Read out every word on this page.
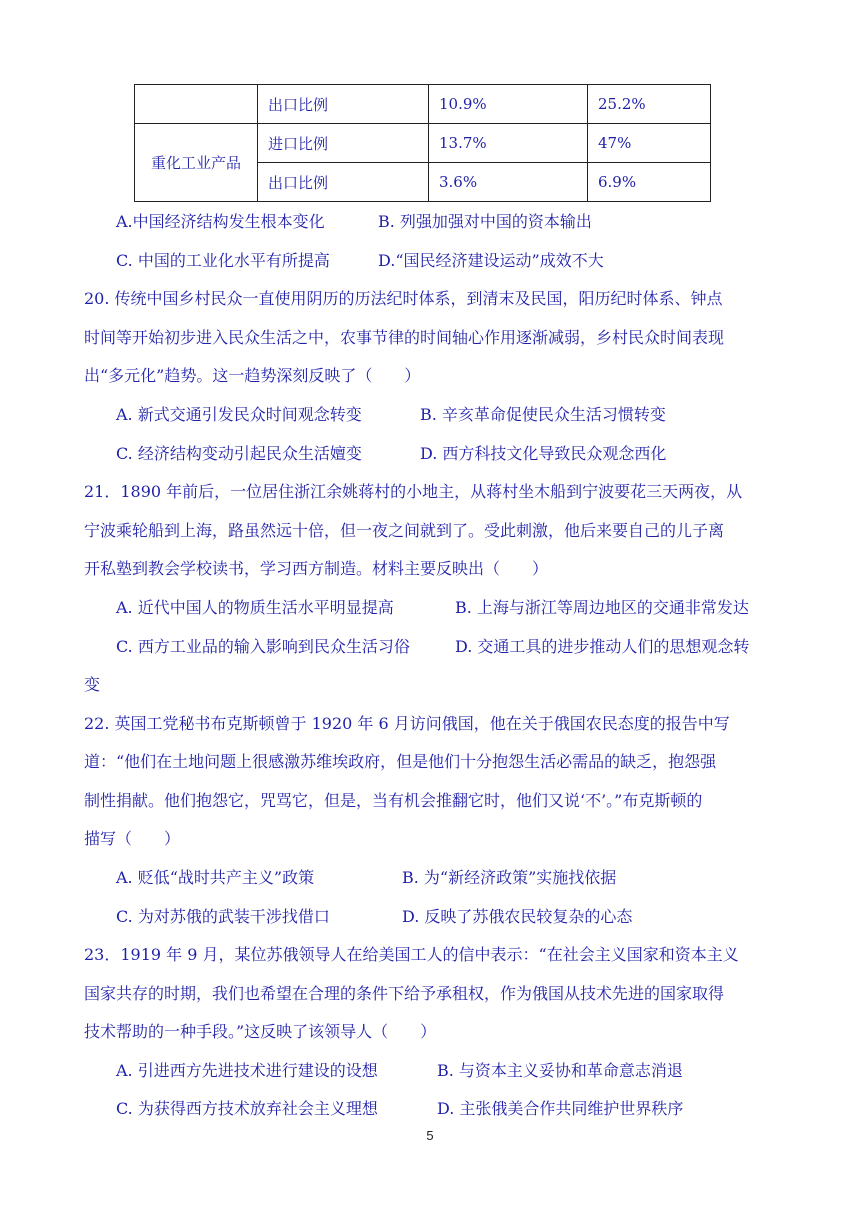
	出口比例	10.9%	25.2%
重化工业产品	进口比例	13.7%	47%
	出口比例	3.6%	6.9%
A.中国经济结构发生根本变化	B. 列强加强对中国的资本输出
C. 中国的工业化水平有所提高	D.“国民经济建设运动”成效不大
20. 传统中国乡村民众一直使用阴历的历法纪时体系，到清末及民国，阳历纪时体系、钟点
时间等开始初步进入民众生活之中，农事节律的时间轴心作用逐渐减弱，乡村民众时间表现
出“多元化”趋势。这一趋势深刻反映了（　　）
A. 新式交通引发民众时间观念转变	B. 辛亥革命促使民众生活习惯转变
C. 经济结构变动引起民众生活嬗变	D. 西方科技文化导致民众观念西化
21．1890 年前后，一位居住浙江余姚蒋村的小地主，从蒋村坐木船到宁波要花三天两夜，从
宁波乘轮船到上海，路虽然远十倍，但一夜之间就到了。受此刺激，他后来要自己的儿子离
开私塾到教会学校读书，学习西方制造。材料主要反映出（　　）
A. 近代中国人的物质生活水平明显提高	B. 上海与浙江等周边地区的交通非常发达
C. 西方工业品的输入影响到民众生活习俗	D. 交通工具的进步推动人们的思想观念转
变
22. 英国工党秘书布克斯顿曾于 1920 年 6 月访问俄国，他在关于俄国农民态度的报告中写
道：“他们在土地问题上很感激苏维埃政府，但是他们十分抱怨生活必需品的缺乏，抱怨强
制性捐献。他们抱怨它，咒骂它，但是，当有机会推翻它时，他们又说‘不’。”布克斯顿的
描写（　　）
A. 贬低“战时共产主义”政策	B. 为“新经济政策”实施找依据
C. 为对苏俄的武装干涉找借口	D. 反映了苏俄农民较复杂的心态
23．1919 年 9 月，某位苏俄领导人在给美国工人的信中表示：“在社会主义国家和资本主义
国家共存的时期，我们也希望在合理的条件下给予承租权，作为俄国从技术先进的国家取得
技术帮助的一种手段。”这反映了该领导人（　　）
A. 引进西方先进技术进行建设的设想	B. 与资本主义妥协和革命意志消退
C. 为获得西方技术放弃社会主义理想	D. 主张俄美合作共同维护世界秩序
5
